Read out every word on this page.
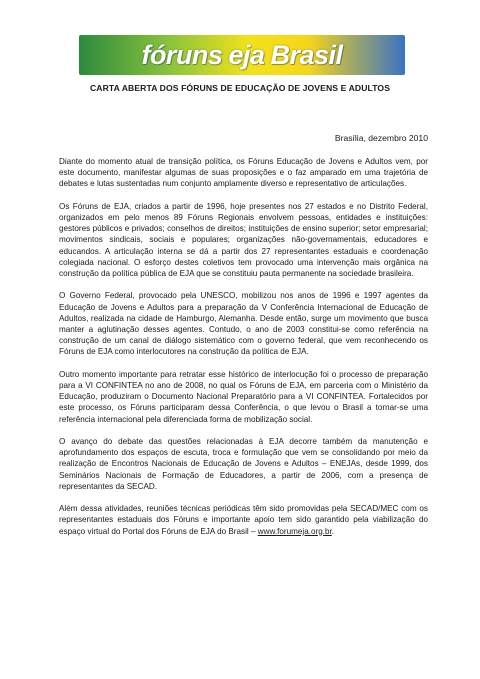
fóruns eja Brasil
CARTA ABERTA DOS FÓRUNS DE EDUCAÇÃO DE JOVENS E ADULTOS
Brasília, dezembro 2010

Diante do momento atual de transição política, os Fóruns Educação de Jovens e Adultos vem, por este documento, manifestar algumas de suas proposições e o faz amparado em uma trajetória de debates e lutas sustentadas num conjunto amplamente diverso e representativo de articulações.

Os Fóruns de EJA, criados a partir de 1996, hoje presentes nos 27 estados e no Distrito Federal, organizados em pelo menos 89 Fóruns Regionais envolvem pessoas, entidades e instituições: gestores públicos e privados; conselhos de direitos; instituições de ensino superior; setor empresarial; movimentos sindicais, sociais e populares; organizações não-governamentais, educadores e educandos. A articulação interna se dá a partir dos 27 representantes estaduais e coordenação colegiada nacional. O esforço destes coletivos tem provocado uma intervenção mais orgânica na construção da política pública de EJA que se constituiu pauta permanente na sociedade brasileira.

O Governo Federal, provocado pela UNESCO, mobilizou nos anos de 1996 e 1997 agentes da Educação de Jovens e Adultos para a preparação da V Conferência Internacional de Educação de Adultos, realizada na cidade de Hamburgo, Alemanha. Desde então, surge um movimento que busca manter a aglutinação desses agentes. Contudo, o ano de 2003 constitui-se como referência na construção de um canal de diálogo sistemático com o governo federal, que vem reconhecendo os Fóruns de EJA como interlocutores na construção da política de EJA.

Outro momento importante para retratar esse histórico de interlocução foi o processo de preparação para a VI CONFINTEA no ano de 2008, no qual os Fóruns de EJA, em parceria com o Ministério da Educação, produziram o Documento Nacional Preparatório para a VI CONFINTEA. Fortalecidos por este processo, os Fóruns participaram dessa Conferência, o que levou o Brasil a tornar-se uma referência internacional pela diferenciada forma de mobilização social.

O avanço do debate das questões relacionadas à EJA decorre também da manutenção e aprofundamento dos espaços de escuta, troca e formulação que vem se consolidando por meio da realização de Encontros Nacionais de Educação de Jovens e Adultos – ENEJAs, desde 1999, dos Seminários Nacionais de Formação de Educadores, a partir de 2006, com a presença de representantes da SECAD.

Além dessa atividades, reuniões técnicas periódicas têm sido promovidas pela SECAD/MEC com os representantes estaduais dos Fóruns e importante apoio tem sido garantido pela viabilização do espaço virtual do Portal dos Fóruns de EJA do Brasil – www.forumeja.org.br.
